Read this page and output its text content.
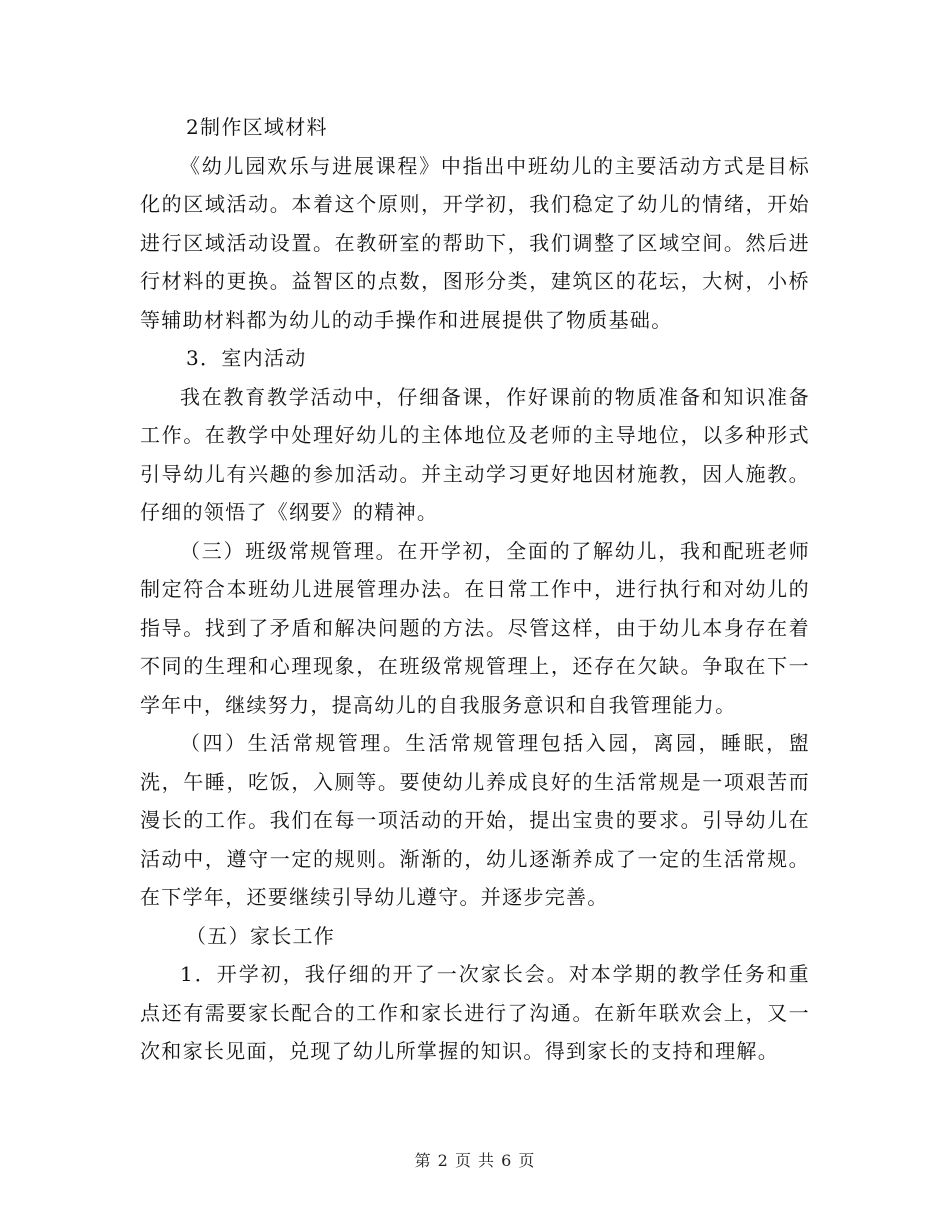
2制作区域材料

《幼儿园欢乐与进展课程》中指出中班幼儿的主要活动方式是目标化的区域活动。本着这个原则，开学初，我们稳定了幼儿的情绪，开始进行区域活动设置。在教研室的帮助下，我们调整了区域空间。然后进行材料的更换。益智区的点数，图形分类，建筑区的花坛，大树，小桥等辅助材料都为幼儿的动手操作和进展提供了物质基础。

3．室内活动

我在教育教学活动中，仔细备课，作好课前的物质准备和知识准备工作。在教学中处理好幼儿的主体地位及老师的主导地位，以多种形式引导幼儿有兴趣的参加活动。并主动学习更好地因材施教，因人施教。仔细的领悟了《纲要》的精神。

（三）班级常规管理。在开学初，全面的了解幼儿，我和配班老师制定符合本班幼儿进展管理办法。在日常工作中，进行执行和对幼儿的指导。找到了矛盾和解决问题的方法。尽管这样，由于幼儿本身存在着不同的生理和心理现象，在班级常规管理上，还存在欠缺。争取在下一学年中，继续努力，提高幼儿的自我服务意识和自我管理能力。

（四）生活常规管理。生活常规管理包括入园，离园，睡眠，盥洗，午睡，吃饭，入厕等。要使幼儿养成良好的生活常规是一项艰苦而漫长的工作。我们在每一项活动的开始，提出宝贵的要求。引导幼儿在活动中，遵守一定的规则。渐渐的，幼儿逐渐养成了一定的生活常规。在下学年，还要继续引导幼儿遵守。并逐步完善。

（五）家长工作

1．开学初，我仔细的开了一次家长会。对本学期的教学任务和重点还有需要家长配合的工作和家长进行了沟通。在新年联欢会上，又一次和家长见面，兑现了幼儿所掌握的知识。得到家长的支持和理解。

第 2 页 共 6 页
